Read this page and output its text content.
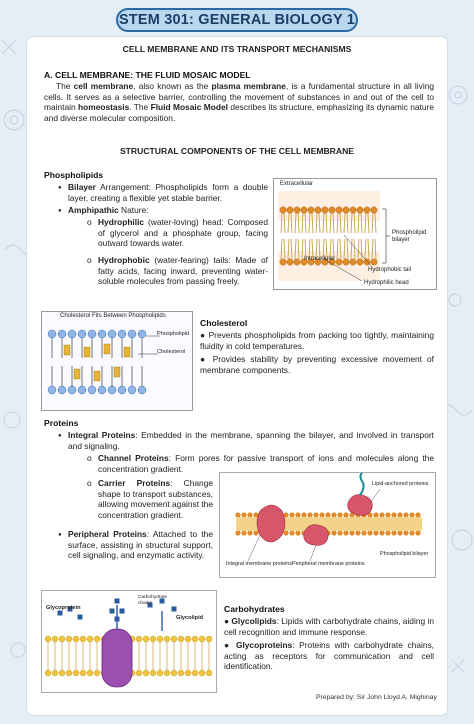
STEM 301: GENERAL BIOLOGY 1
CELL MEMBRANE AND ITS TRANSPORT MECHANISMS
A. CELL MEMBRANE: THE FLUID MOSAIC MODEL
The cell membrane, also known as the plasma membrane, is a fundamental structure in all living cells. It serves as a selective barrier, controlling the movement of substances in and out of the cell to maintain homeostasis. The Fluid Mosaic Model describes its structure, emphasizing its dynamic nature and diverse molecular composition.
STRUCTURAL COMPONENTS OF THE CELL MEMBRANE
Phospholipids
Bilayer Arrangement: Phospholipids form a double layer, creating a flexible yet stable barrier.
Amphipathic Nature:
Hydrophilic (water-loving) head: Composed of glycerol and a phosphate group, facing outward towards water.
Hydrophobic (water-fearing) tails: Made of fatty acids, facing inward, preventing water-soluble molecules from passing freely.
Extracellular
Intracellular
Phospholipid bilayer
Hydrophobic tail
Hydrophilic head
Cholesterol Fits Between Phospholipids
Phospholipid
Cholesterol
Cholesterol
● Prevents phospholipids from packing too tightly, maintaining fluidity in cold temperatures.
● Provides stability by preventing excessive movement of membrane components.
Proteins
Integral Proteins: Embedded in the membrane, spanning the bilayer, and involved in transport and signaling.
Channel Proteins: Form pores for passive transport of ions and molecules along the concentration gradient.
Carrier Proteins: Change shape to transport substances, allowing movement against the concentration gradient.
Peripheral Proteins: Attached to the surface, assisting in structural support, cell signaling, and enzymatic activity.
Lipid-anchored proteins
Integral membrane proteins Peripheral membrane proteins
Phospholipid bilayer
Glycoprotein
Carbohydrate chains
Glycolipid
Carbohydrates
● Glycolipids: Lipids with carbohydrate chains, aiding in cell recognition and immune response.
● Glycoproteins: Proteins with carbohydrate chains, acting as receptors for communication and cell identification.
Prepared by: Sir John Lloyd A. Mighinay
